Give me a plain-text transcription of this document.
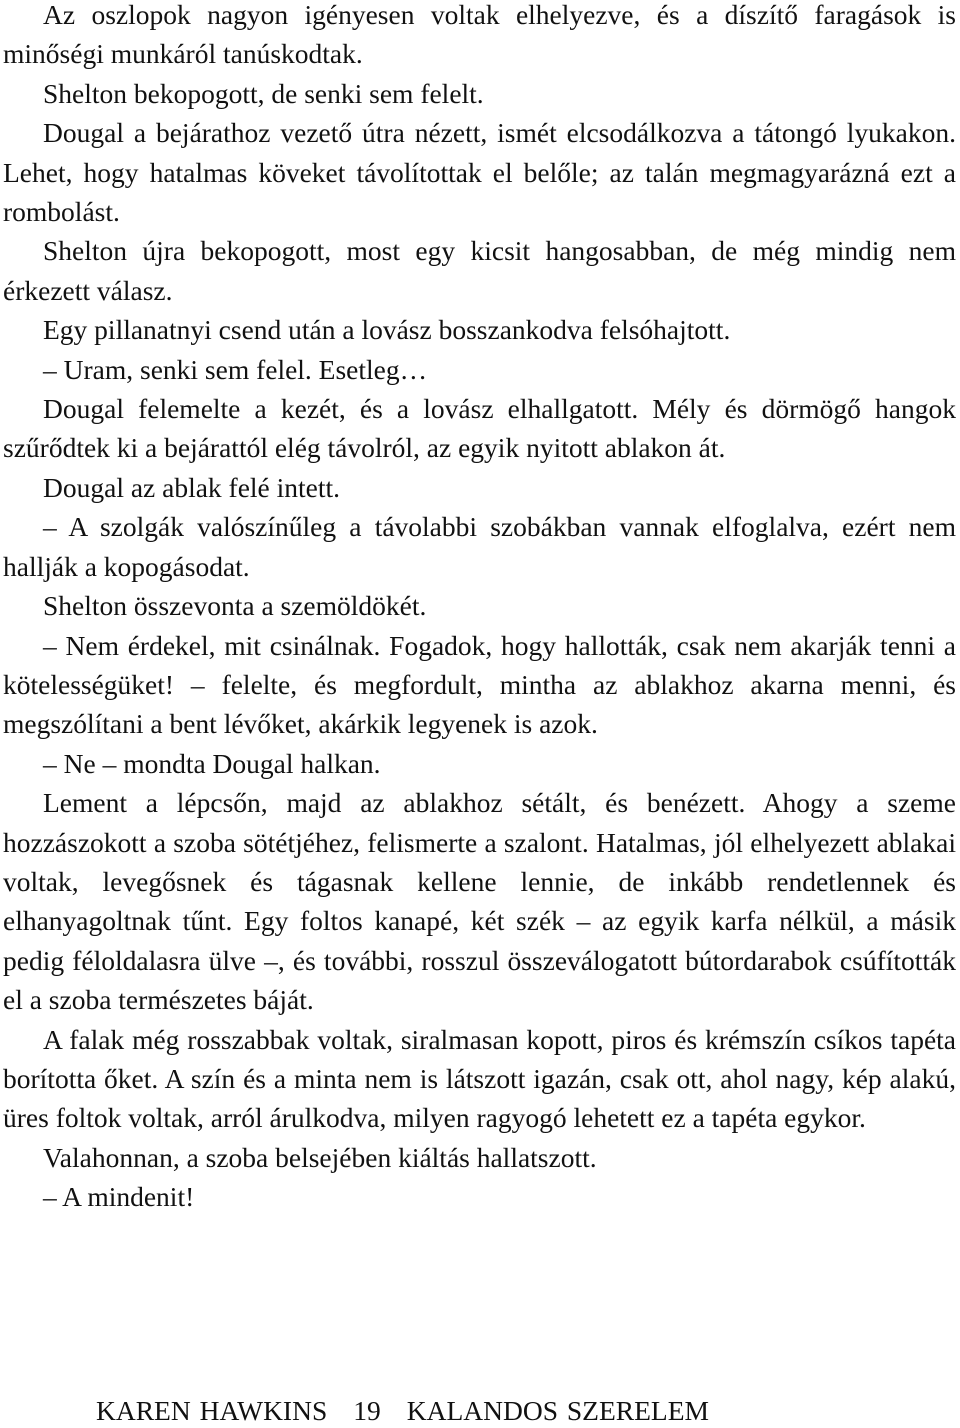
Az oszlopok nagyon igényesen voltak elhelyezve, és a díszítő faragások is minőségi munkáról tanúskodtak.

Shelton bekopogott, de senki sem felelt.

Dougal a bejárathoz vezető útra nézett, ismét elcsodálkozva a tátongó lyukakon. Lehet, hogy hatalmas köveket távolítottak el belőle; az talán megmagyarázná ezt a rombolást.

Shelton újra bekopogott, most egy kicsit hangosabban, de még mindig nem érkezett válasz.

Egy pillanatnyi csend után a lovász bosszankodva felsóhajtott.

– Uram, senki sem felel. Esetleg…

Dougal felemelte a kezét, és a lovász elhallgatott. Mély és dörmögő hangok szűrődtek ki a bejárattól elég távolról, az egyik nyitott ablakon át.

Dougal az ablak felé intett.

– A szolgák valószínűleg a távolabbi szobákban vannak elfoglalva, ezért nem hallják a kopogásodat.

Shelton összevonta a szemöldökét.

– Nem érdekel, mit csinálnak. Fogadok, hogy hallották, csak nem akarják tenni a kötelességüket! – felelte, és megfordult, mintha az ablakhoz akarna menni, és megszólítani a bent lévőket, akárkik legyenek is azok.

– Ne – mondta Dougal halkan.

Lement a lépcsőn, majd az ablakhoz sétált, és benézett. Ahogy a szeme hozzászokott a szoba sötétjéhez, felismerte a szalont. Hatalmas, jól elhelyezett ablakai voltak, levegősnek és tágasnak kellene lennie, de inkább rendetlennek és elhanyagoltnak tűnt. Egy foltos kanapé, két szék – az egyik karfa nélkül, a másik pedig féloldalasra ülve –, és további, rosszul összeválogatott bútordarabok csúfították el a szoba természetes báját.

A falak még rosszabbak voltak, siralmasan kopott, piros és krémszín csíkos tapéta borította őket. A szín és a minta nem is látszott igazán, csak ott, ahol nagy, kép alakú, üres foltok voltak, arról árulkodva, milyen ragyogó lehetett ez a tapéta egykor.

Valahonnan, a szoba belsejében kiáltás hallatszott.

– A mindenit!

KAREN HAWKINS 19 KALANDOS SZERELEM
